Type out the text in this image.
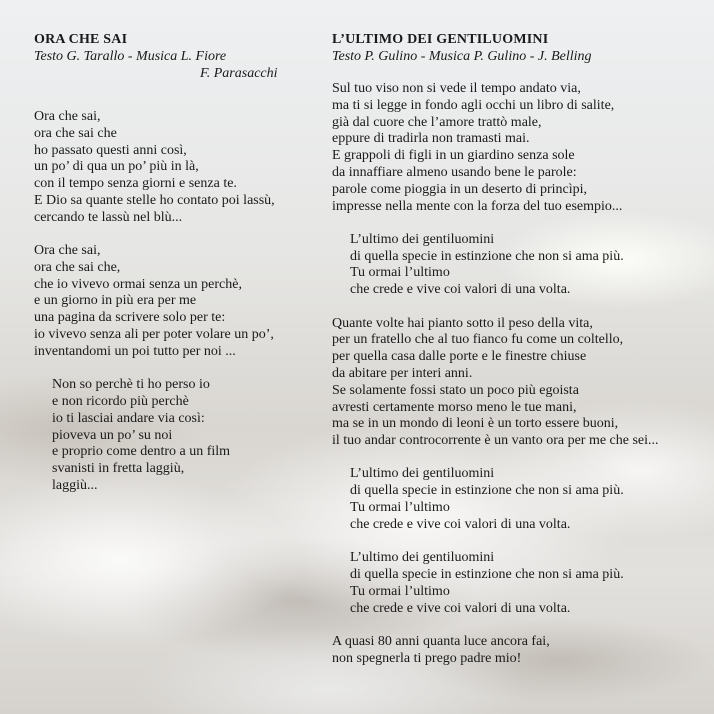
ORA CHE SAI

Testo G. Tarallo - Musica L. Fiore

F. Parasacchi

Ora che sai,

ora che sai che

ho passato questi anni così,

un po’ di qua un po’ più in là,

con il tempo senza giorni e senza te.

E Dio sa quante stelle ho contato poi lassù,

cercando te lassù nel blù...

Ora che sai,

ora che sai che,

che io vivevo ormai senza un perchè,

e un giorno in più era per me

una pagina da scrivere solo per te:

io vivevo senza ali per poter volare un po’,

inventandomi un poi tutto per noi ...

Non so perchè ti ho perso io

e non ricordo più perchè

io ti lasciai andare via così:

pioveva un po’ su noi

e proprio come dentro a un film

svanisti in fretta laggiù,

laggiù...

L’ULTIMO DEI GENTILUOMINI

Testo P. Gulino - Musica P. Gulino - J. Belling

Sul tuo viso non si vede il tempo andato via,

ma ti si legge in fondo agli occhi un libro di salite,

già dal cuore che l’amore trattò male,

eppure di tradirla non tramasti mai.

E grappoli di figli in un giardino senza sole

da innaffiare almeno usando bene le parole:

parole come pioggia in un deserto di princìpi,

impresse nella mente con la forza del tuo esempio...

L’ultimo dei gentiluomini

di quella specie in estinzione che non si ama più.

Tu ormai l’ultimo

che crede e vive coi valori di una volta.

Quante volte hai pianto sotto il peso della vita,

per un fratello che al tuo fianco fu come un coltello,

per quella casa dalle porte e le finestre chiuse

da abitare per interi anni.

Se solamente fossi stato un poco più egoista

avresti certamente morso meno le tue mani,

ma se in un mondo di leoni è un torto essere buoni,

il tuo andar controcorrente è un vanto ora per me che sei...

L’ultimo dei gentiluomini

di quella specie in estinzione che non si ama più.

Tu ormai l’ultimo

che crede e vive coi valori di una volta.

L’ultimo dei gentiluomini

di quella specie in estinzione che non si ama più.

Tu ormai l’ultimo

che crede e vive coi valori di una volta.

A quasi 80 anni quanta luce ancora fai,

non spegnerla ti prego padre mio!
